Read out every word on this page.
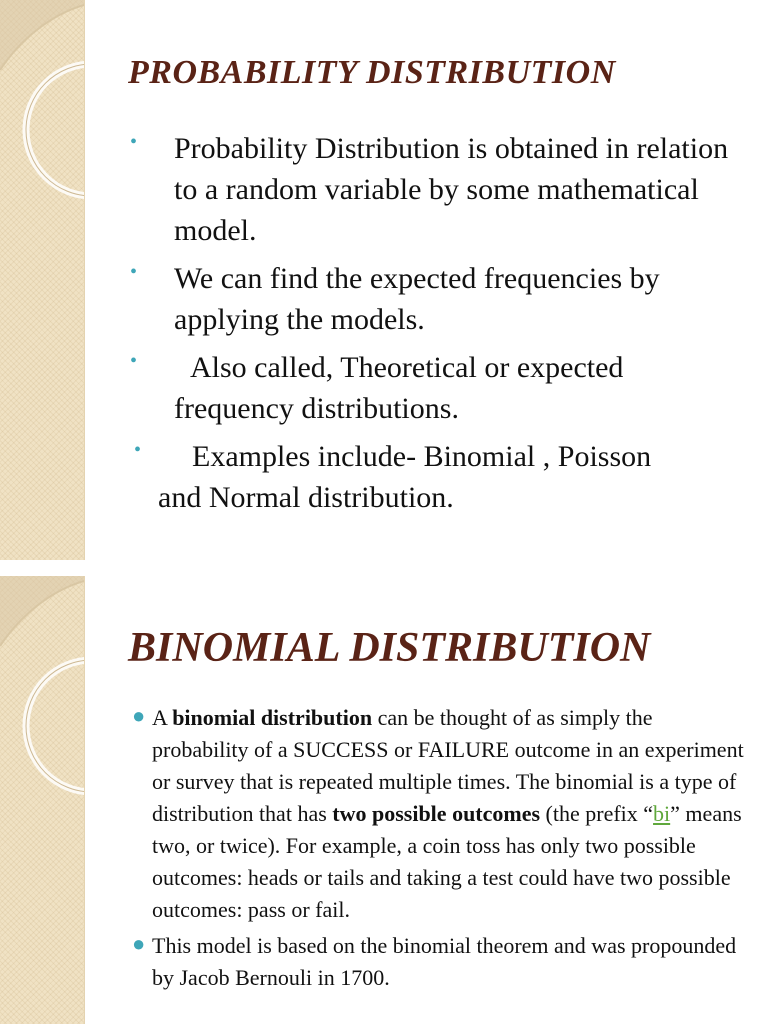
PROBABILITY DISTRIBUTION
• Probability Distribution is obtained in relation to a random variable by some mathematical model.
• We can find the expected frequencies by applying the models.
• Also called, Theoretical or expected
frequency distributions.
• Examples include- Binomial , Poisson
and Normal distribution.
BINOMIAL DISTRIBUTION
● A binomial distribution can be thought of as simply the probability of a SUCCESS or FAILURE outcome in an experiment or survey that is repeated multiple times. The binomial is a type of distribution that has two possible outcomes (the prefix “bi” means two, or twice). For example, a coin toss has only two possible outcomes: heads or tails and taking a test could have two possible outcomes: pass or fail.
● This model is based on the binomial theorem and was propounded by Jacob Bernouli in 1700.
